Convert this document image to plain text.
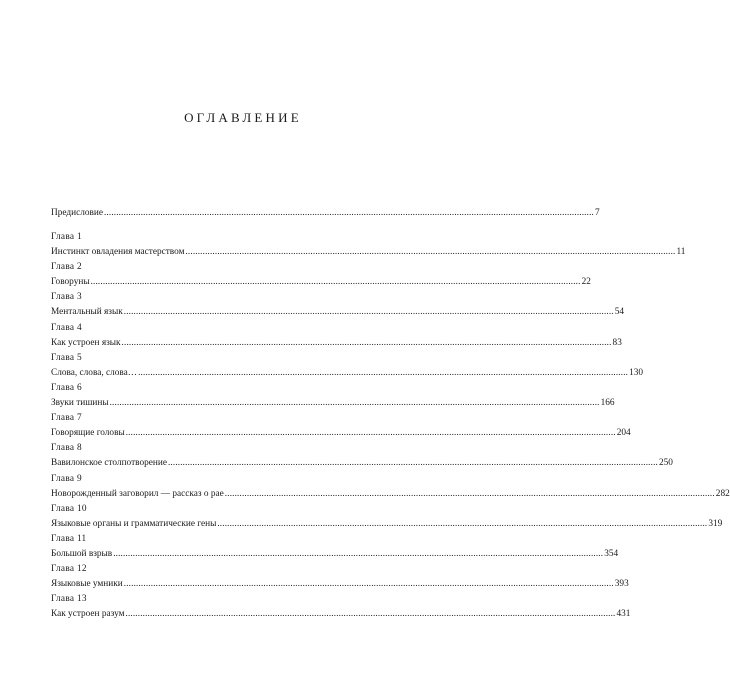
ОГЛАВЛЕНИЕ
Предисловие ........................................................................................................................................................................................................ 7
Глава 1
Инстинкт овладения мастерством ........................................................................................................................................................................................................ 11
Глава 2
Говоруны ........................................................................................................................................................................................................ 22
Глава 3
Ментальный язык ........................................................................................................................................................................................................ 54
Глава 4
Как устроен язык ........................................................................................................................................................................................................ 83
Глава 5
Слова, слова, слова… ........................................................................................................................................................................................................ 130
Глава 6
Звуки тишины ........................................................................................................................................................................................................ 166
Глава 7
Говорящие головы ........................................................................................................................................................................................................ 204
Глава 8
Вавилонское столпотворение ........................................................................................................................................................................................................ 250
Глава 9
Новорожденный заговорил — рассказ о рае ........................................................................................................................................................................................................ 282
Глава 10
Языковые органы и грамматические гены ........................................................................................................................................................................................................ 319
Глава 11
Большой взрыв ........................................................................................................................................................................................................ 354
Глава 12
Языковые умники ........................................................................................................................................................................................................ 393
Глава 13
Как устроен разум ........................................................................................................................................................................................................ 431
